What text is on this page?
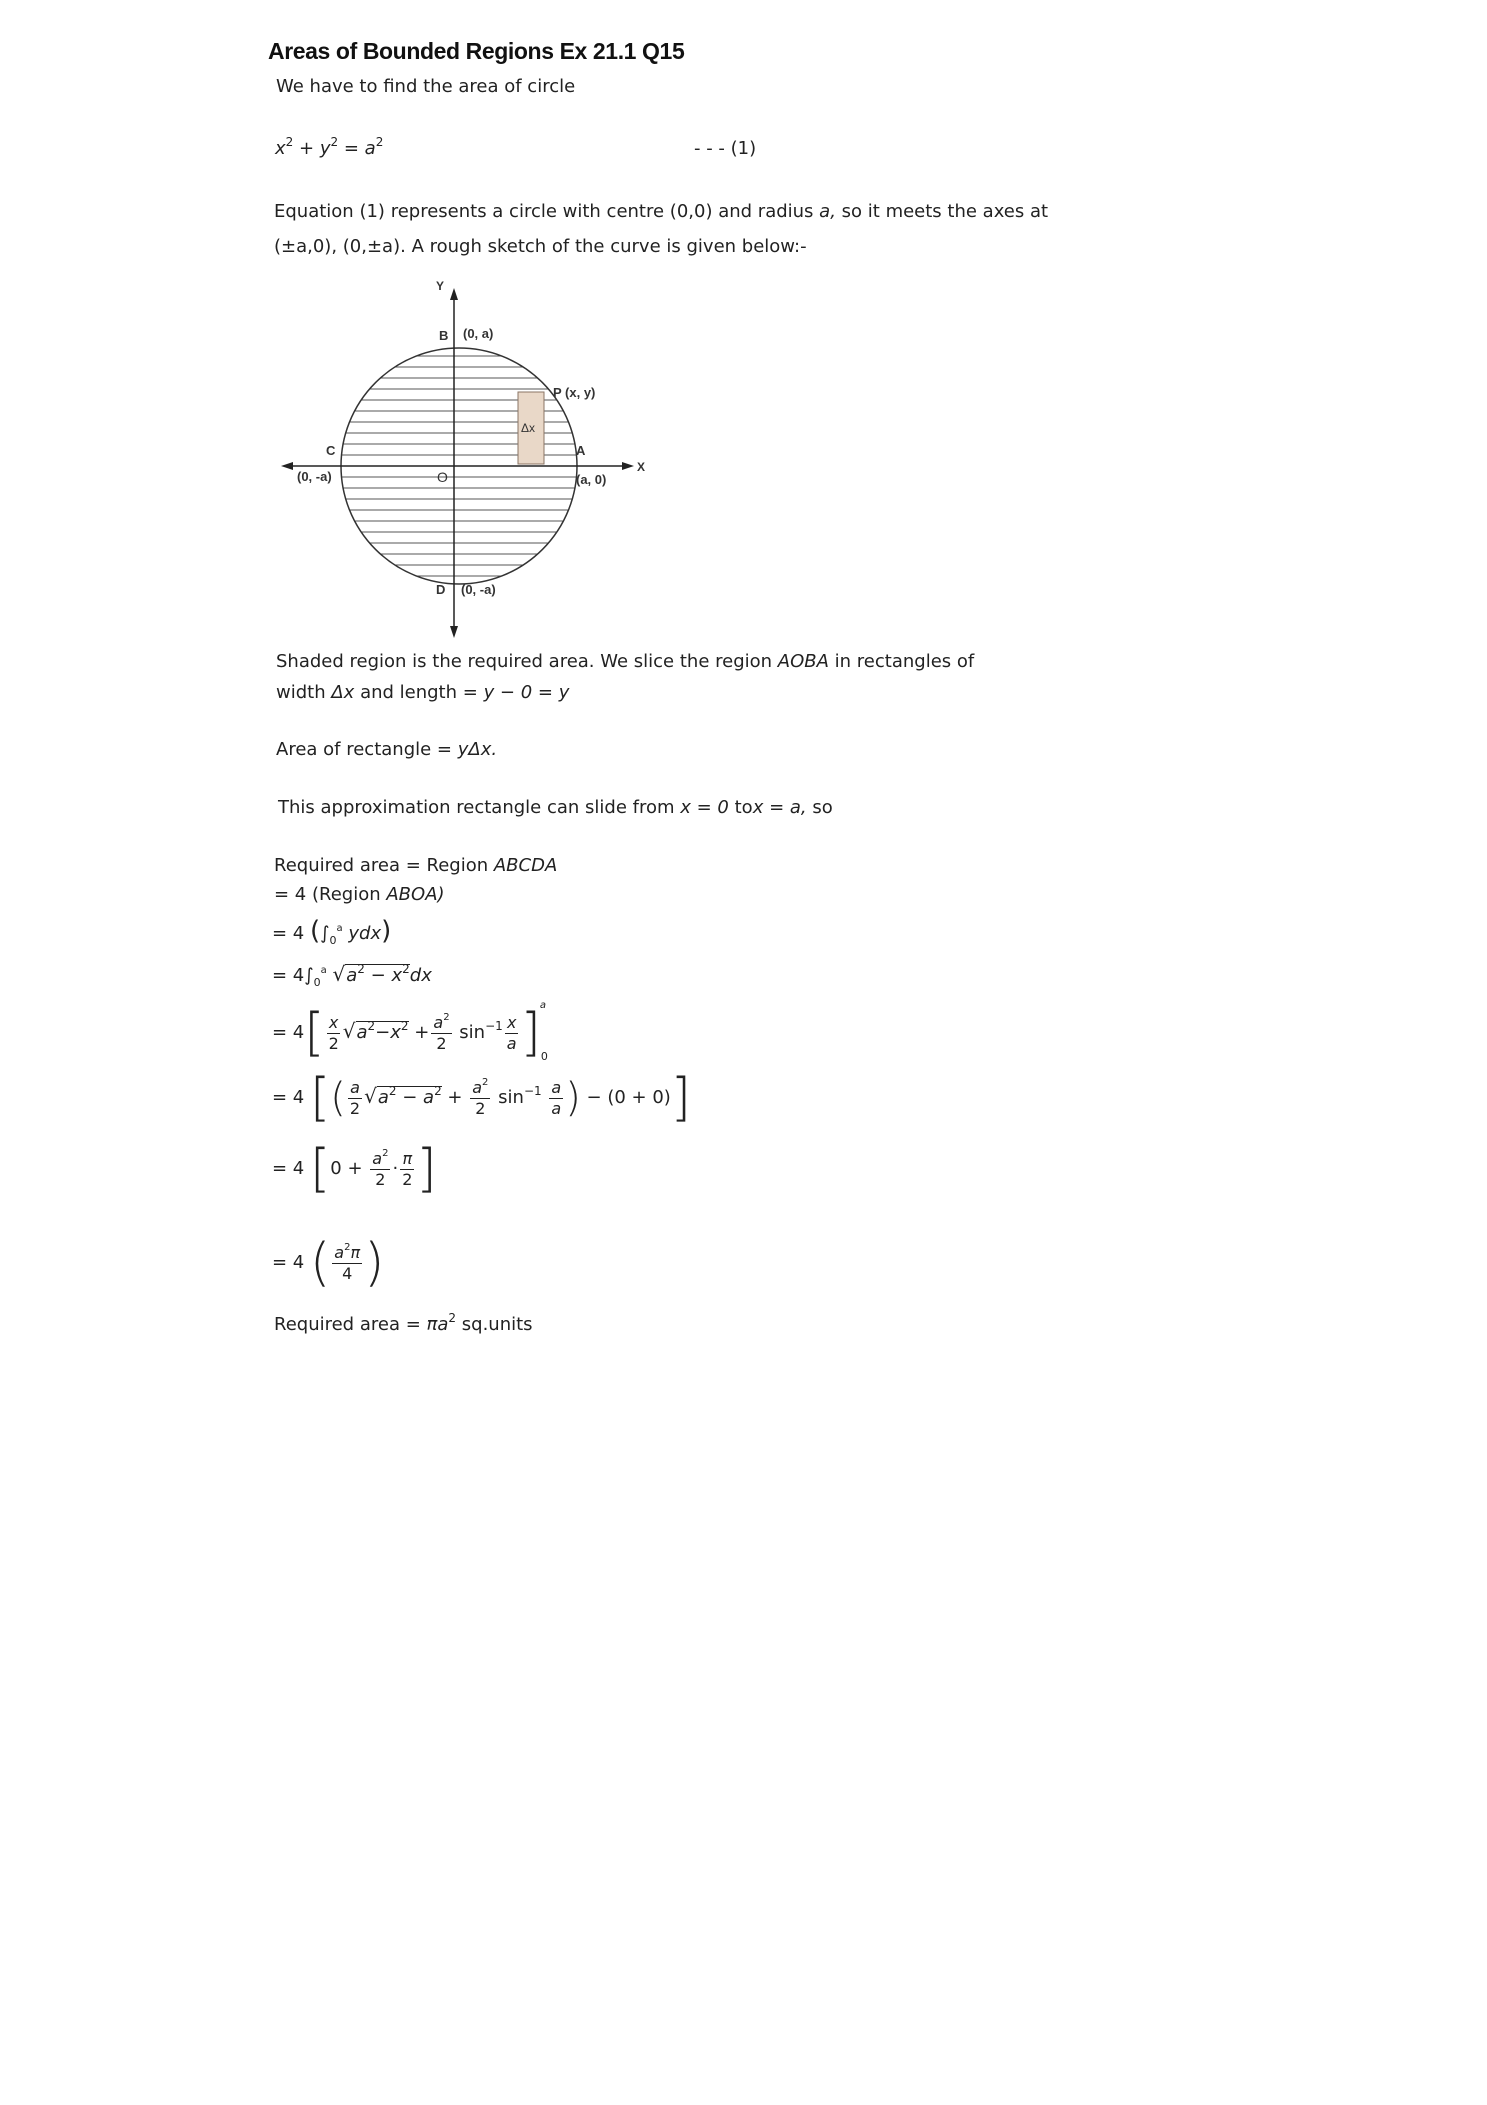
Areas of Bounded Regions Ex 21.1 Q15
We have to find the area of circle
$x^2 + y^2 = a^2$	- - - (1)
Equation (1) represents a circle with centre (0,0) and radius a, so it meets the axes at
(±a,0), (0,±a). A rough sketch of the curve is given below:-
Y
X
B (0, a)
P (x, y)
Δx
A
(a, 0)
C
(0, -a)	O
D (0, -a)
Shaded region is the required area. We slice the region AOBA in rectangles of
width Δx and length = y − 0 = y
Area of rectangle = yΔx.
This approximation rectangle can slide from x = 0 tox = a, so
Required area = Region ABCDA
= 4 (Region ABOA)
= 4 ($\int_0^a$ ydx)
= $4\int_0^a$ $√a^2 - x^2dx$
= $4[ \frac{x}{2} √a^2-x^2 + \frac{a^2}{2} \sin^{-1} \frac{x}{a} ]_0^a$
= 4 [( $\frac{a}{2} √a^2 - a^2 + \frac{a^2}{2} \sin^{-1} \frac{a}{a}$ ) − (0 + 0)]
= 4 [$0 + \frac{a^2}{2} \cdot \frac{\pi}{2}$ ]
= 4 ( $\frac{a^2\pi}{4}$ )
Required area = $\pi a^2$ sq.units
